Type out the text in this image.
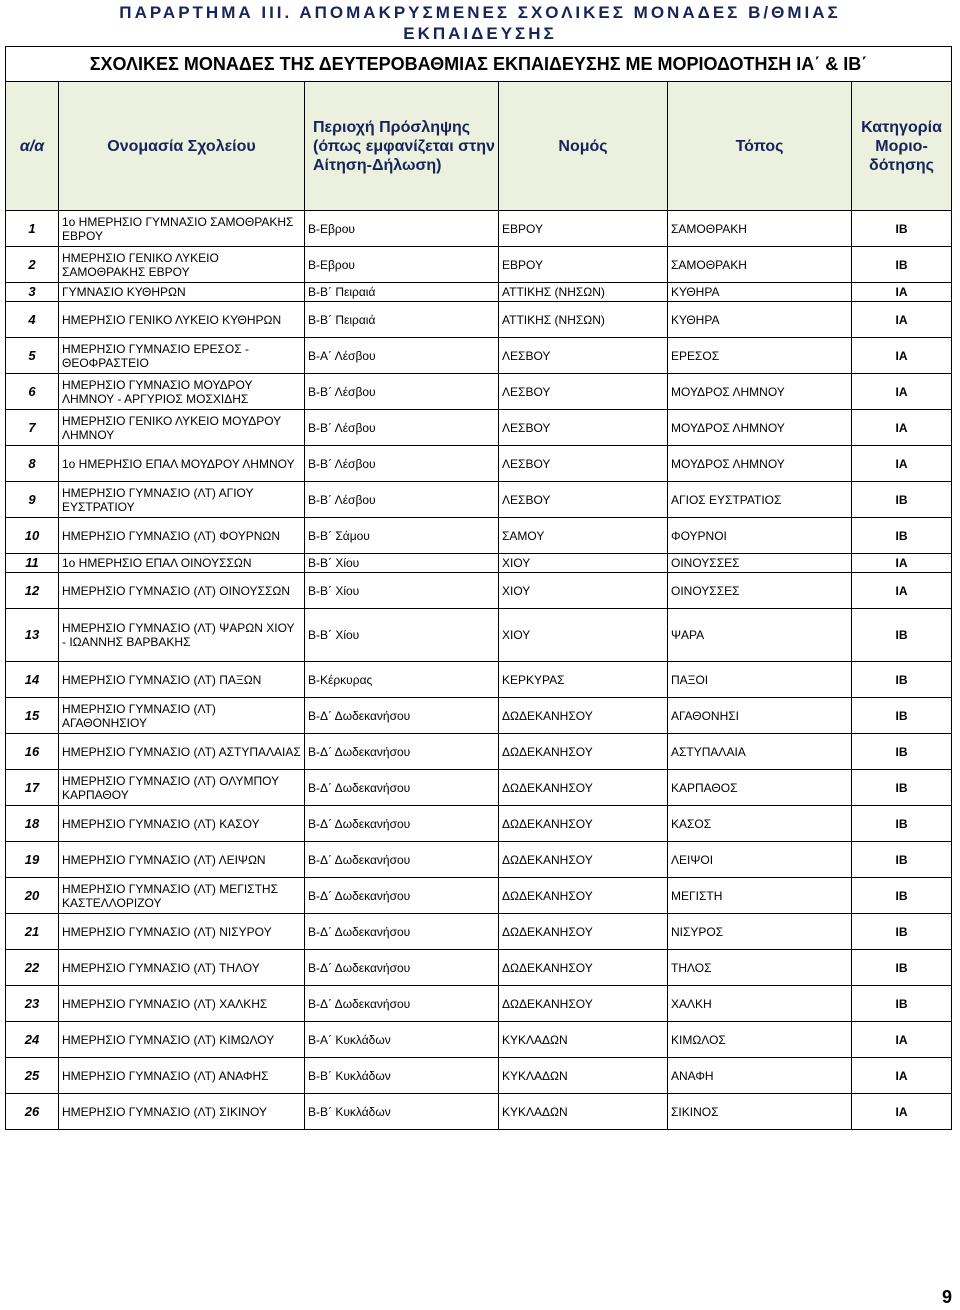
ΠΑΡΑΡΤΗΜΑ ΙΙΙ. ΑΠΟΜΑΚΡΥΣΜΕΝΕΣ ΣΧΟΛΙΚΕΣ ΜΟΝΑΔΕΣ Β/ΘΜΙΑΣ
ΕΚΠΑΙΔΕΥΣΗΣ
ΣΧΟΛΙΚΕΣ ΜΟΝΑΔΕΣ ΤΗΣ ΔΕΥΤΕΡΟΒΑΘΜΙΑΣ ΕΚΠΑΙΔΕΥΣΗΣ ΜΕ ΜΟΡΙΟΔΟΤΗΣΗ ΙΑ΄ & ΙΒ΄					
α/α	Ονομασία Σχολείου	Περιοχή Πρόσληψης (όπως εμφανίζεται στην Αίτηση-Δήλωση)	Νομός	Τόπος	Κατηγορία Μοριο-δότησης
1	1ο ΗΜΕΡΗΣΙΟ ΓΥΜΝΑΣΙΟ ΣΑΜΟΘΡΑΚΗΣ ΕΒΡΟΥ	Β-Εβρου	ΕΒΡΟΥ	ΣΑΜΟΘΡΑΚΗ	ΙΒ
2	ΗΜΕΡΗΣΙΟ ΓΕΝΙΚΟ ΛΥΚΕΙΟ ΣΑΜΟΘΡΑΚΗΣ ΕΒΡΟΥ	Β-Εβρου	ΕΒΡΟΥ	ΣΑΜΟΘΡΑΚΗ	ΙΒ
3	ΓΥΜΝΑΣΙΟ ΚΥΘΗΡΩΝ	Β-Β΄ Πειραιά	ΑΤΤΙΚΗΣ (ΝΗΣΩΝ)	ΚΥΘΗΡΑ	ΙΑ
4	ΗΜΕΡΗΣΙΟ ΓΕΝΙΚΟ ΛΥΚΕΙΟ ΚΥΘΗΡΩΝ	Β-Β΄ Πειραιά	ΑΤΤΙΚΗΣ (ΝΗΣΩΝ)	ΚΥΘΗΡΑ	ΙΑ
5	ΗΜΕΡΗΣΙΟ ΓΥΜΝΑΣΙΟ ΕΡΕΣΟΣ - ΘΕΟΦΡΑΣΤΕΙΟ	Β-Α΄ Λέσβου	ΛΕΣΒΟΥ	ΕΡΕΣΟΣ	ΙΑ
6	ΗΜΕΡΗΣΙΟ ΓΥΜΝΑΣΙΟ ΜΟΥΔΡΟΥ ΛΗΜΝΟΥ - ΑΡΓΥΡΙΟΣ ΜΟΣΧΙΔΗΣ	Β-Β΄ Λέσβου	ΛΕΣΒΟΥ	ΜΟΥΔΡΟΣ ΛΗΜΝΟΥ	ΙΑ
7	ΗΜΕΡΗΣΙΟ ΓΕΝΙΚΟ ΛΥΚΕΙΟ ΜΟΥΔΡΟΥ ΛΗΜΝΟΥ	Β-Β΄ Λέσβου	ΛΕΣΒΟΥ	ΜΟΥΔΡΟΣ ΛΗΜΝΟΥ	ΙΑ
8	1ο ΗΜΕΡΗΣΙΟ ΕΠΑΛ ΜΟΥΔΡΟΥ ΛΗΜΝΟΥ	Β-Β΄ Λέσβου	ΛΕΣΒΟΥ	ΜΟΥΔΡΟΣ ΛΗΜΝΟΥ	ΙΑ
9	ΗΜΕΡΗΣΙΟ ΓΥΜΝΑΣΙΟ (ΛΤ) ΑΓΙΟΥ ΕΥΣΤΡΑΤΙΟΥ	Β-Β΄ Λέσβου	ΛΕΣΒΟΥ	ΑΓΙΟΣ ΕΥΣΤΡΑΤΙΟΣ	ΙΒ
10	ΗΜΕΡΗΣΙΟ ΓΥΜΝΑΣΙΟ (ΛΤ) ΦΟΥΡΝΩΝ	Β-Β΄ Σάμου	ΣΑΜΟΥ	ΦΟΥΡΝΟΙ	ΙΒ
11	1ο ΗΜΕΡΗΣΙΟ ΕΠΑΛ ΟΙΝΟΥΣΣΩΝ	Β-Β΄ Χίου	ΧΙΟΥ	ΟΙΝΟΥΣΣΕΣ	ΙΑ
12	ΗΜΕΡΗΣΙΟ ΓΥΜΝΑΣΙΟ (ΛΤ) ΟΙΝΟΥΣΣΩΝ	Β-Β΄ Χίου	ΧΙΟΥ	ΟΙΝΟΥΣΣΕΣ	ΙΑ
13	ΗΜΕΡΗΣΙΟ ΓΥΜΝΑΣΙΟ (ΛΤ) ΨΑΡΩΝ ΧΙΟΥ - ΙΩΑΝΝΗΣ ΒΑΡΒΑΚΗΣ	Β-Β΄ Χίου	ΧΙΟΥ	ΨΑΡΑ	ΙΒ
14	ΗΜΕΡΗΣΙΟ ΓΥΜΝΑΣΙΟ (ΛΤ) ΠΑΞΩΝ	Β-Κέρκυρας	ΚΕΡΚΥΡΑΣ	ΠΑΞΟΙ	ΙΒ
15	ΗΜΕΡΗΣΙΟ ΓΥΜΝΑΣΙΟ (ΛΤ) ΑΓΑΘΟΝΗΣΙΟΥ	Β-Δ΄ Δωδεκανήσου	ΔΩΔΕΚΑΝΗΣΟΥ	ΑΓΑΘΟΝΗΣΙ	ΙΒ
16	ΗΜΕΡΗΣΙΟ ΓΥΜΝΑΣΙΟ (ΛΤ) ΑΣΤΥΠΑΛΑΙΑΣ	Β-Δ΄ Δωδεκανήσου	ΔΩΔΕΚΑΝΗΣΟΥ	ΑΣΤΥΠΑΛΑΙΑ	ΙΒ
17	ΗΜΕΡΗΣΙΟ ΓΥΜΝΑΣΙΟ (ΛΤ) ΟΛΥΜΠΟΥ ΚΑΡΠΑΘΟΥ	Β-Δ΄ Δωδεκανήσου	ΔΩΔΕΚΑΝΗΣΟΥ	ΚΑΡΠΑΘΟΣ	ΙΒ
18	ΗΜΕΡΗΣΙΟ ΓΥΜΝΑΣΙΟ (ΛΤ) ΚΑΣΟΥ	Β-Δ΄ Δωδεκανήσου	ΔΩΔΕΚΑΝΗΣΟΥ	ΚΑΣΟΣ	ΙΒ
19	ΗΜΕΡΗΣΙΟ ΓΥΜΝΑΣΙΟ (ΛΤ) ΛΕΙΨΩΝ	Β-Δ΄ Δωδεκανήσου	ΔΩΔΕΚΑΝΗΣΟΥ	ΛΕΙΨΟΙ	ΙΒ
20	ΗΜΕΡΗΣΙΟ ΓΥΜΝΑΣΙΟ (ΛΤ) ΜΕΓΙΣΤΗΣ ΚΑΣΤΕΛΛΟΡΙΖΟΥ	Β-Δ΄ Δωδεκανήσου	ΔΩΔΕΚΑΝΗΣΟΥ	ΜΕΓΙΣΤΗ	ΙΒ
21	ΗΜΕΡΗΣΙΟ ΓΥΜΝΑΣΙΟ (ΛΤ) ΝΙΣΥΡΟΥ	Β-Δ΄ Δωδεκανήσου	ΔΩΔΕΚΑΝΗΣΟΥ	ΝΙΣΥΡΟΣ	ΙΒ
22	ΗΜΕΡΗΣΙΟ ΓΥΜΝΑΣΙΟ (ΛΤ) ΤΗΛΟΥ	Β-Δ΄ Δωδεκανήσου	ΔΩΔΕΚΑΝΗΣΟΥ	ΤΗΛΟΣ	ΙΒ
23	ΗΜΕΡΗΣΙΟ ΓΥΜΝΑΣΙΟ (ΛΤ) ΧΑΛΚΗΣ	Β-Δ΄ Δωδεκανήσου	ΔΩΔΕΚΑΝΗΣΟΥ	ΧΑΛΚΗ	ΙΒ
24	ΗΜΕΡΗΣΙΟ ΓΥΜΝΑΣΙΟ (ΛΤ) ΚΙΜΩΛΟΥ	Β-Α΄ Κυκλάδων	ΚΥΚΛΑΔΩΝ	ΚΙΜΩΛΟΣ	ΙΑ
25	ΗΜΕΡΗΣΙΟ ΓΥΜΝΑΣΙΟ (ΛΤ) ΑΝΑΦΗΣ	Β-Β΄ Κυκλάδων	ΚΥΚΛΑΔΩΝ	ΑΝΑΦΗ	ΙΑ
26	ΗΜΕΡΗΣΙΟ ΓΥΜΝΑΣΙΟ (ΛΤ) ΣΙΚΙΝΟΥ	Β-Β΄ Κυκλάδων	ΚΥΚΛΑΔΩΝ	ΣΙΚΙΝΟΣ	ΙΑ
9
